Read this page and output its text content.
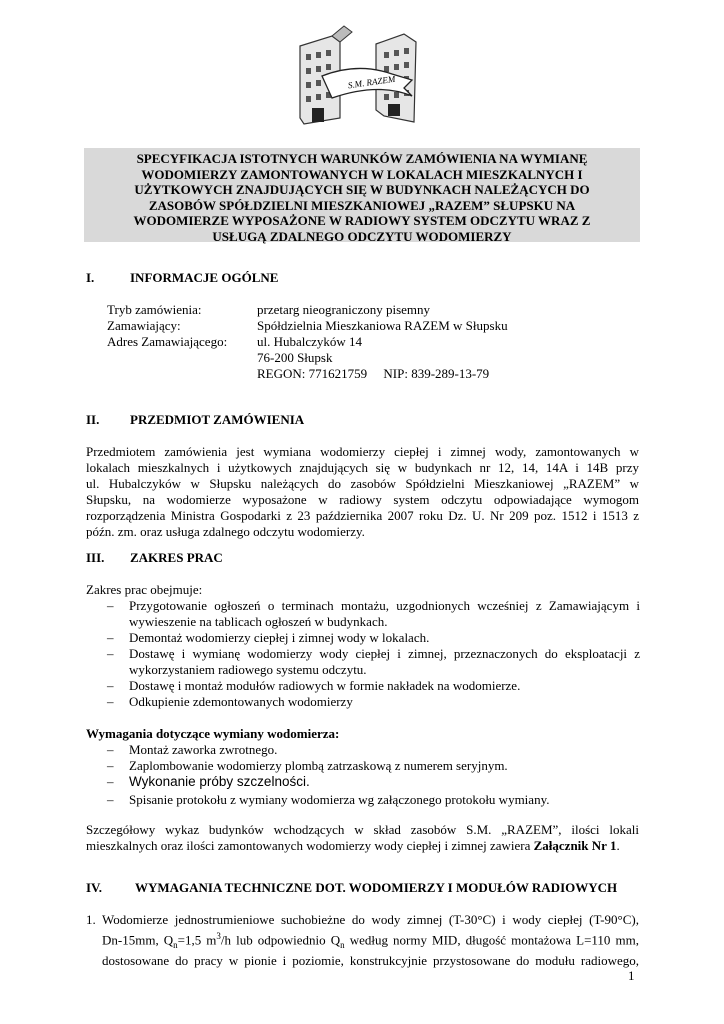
S.M. RAZEM
SPECYFIKACJA ISTOTNYCH WARUNKÓW ZAMÓWIENIA NA WYMIANĘ
WODOMIERZY ZAMONTOWANYCH W LOKALACH MIESZKALNYCH I
UŻYTKOWYCH ZNAJDUJĄCYCH SIĘ W BUDYNKACH NALEŻĄCYCH DO
ZASOBÓW SPÓŁDZIELNI MIESZKANIOWEJ „RAZEM” SŁUPSKU NA
WODOMIERZE WYPOSAŻONE W RADIOWY SYSTEM ODCZYTU WRAZ Z
USŁUGĄ ZDALNEGO ODCZYTU WODOMIERZY
I.	INFORMACJE OGÓLNE
Tryb zamówienia:	przetarg nieograniczony pisemny
Zamawiający:	Spółdzielnia Mieszkaniowa RAZEM w Słupsku
Adres Zamawiającego: ul. Hubalczyków 14
76-200 Słupsk
REGON: 771621759     NIP: 839-289-13-79
II. PRZEDMIOT ZAMÓWIENIA
Przedmiotem zamówienia jest wymiana wodomierzy ciepłej i zimnej wody, zamontowanych w
lokalach mieszkalnych i użytkowych znajdujących się w budynkach nr 12, 14, 14A i 14B przy
ul. Hubalczyków w Słupsku należących do zasobów Spółdzielni Mieszkaniowej „RAZEM” w
Słupsku, na wodomierze wyposażone w radiowy system odczytu odpowiadające wymogom
rozporządzenia Ministra Gospodarki z 23 października 2007 roku Dz. U. Nr 209 poz. 1512 i 1513 z
późn. zm. oraz usługa zdalnego odczytu wodomierzy.
III. ZAKRES PRAC
Zakres prac obejmuje:
– Przygotowanie ogłoszeń o terminach montażu, uzgodnionych wcześniej z Zamawiającym i
wywieszenie na tablicach ogłoszeń w budynkach.
– Demontaż wodomierzy ciepłej i zimnej wody w lokalach.
– Dostawę i wymianę wodomierzy wody ciepłej i zimnej, przeznaczonych do eksploatacji z
wykorzystaniem radiowego systemu odczytu.
– Dostawę i montaż modułów radiowych w formie nakładek na wodomierze.
– Odkupienie zdemontowanych wodomierzy
Wymagania dotyczące wymiany wodomierza:
– Montaż zaworka zwrotnego.
– Zaplombowanie wodomierzy plombą zatrzaskową z numerem seryjnym.
– Wykonanie próby szczelności.
– Spisanie protokołu z wymiany wodomierza wg załączonego protokołu wymiany.
Szczegółowy wykaz budynków wchodzących w skład zasobów S.M. „RAZEM”, ilości lokali
mieszkalnych oraz ilości zamontowanych wodomierzy wody ciepłej i zimnej zawiera Załącznik Nr 1.
IV.	WYMAGANIA TECHNICZNE DOT. WODOMIERZY I MODUŁÓW RADIOWYCH
1. Wodomierze jednostrumieniowe suchobieżne do wody zimnej (T-30°C) i wody ciepłej (T-90°C),
Dn-15mm, $Q_n=1,5$ $m^3/h$ lub odpowiednio $Q_n$ według normy MID, długość montażowa L=110 mm,
dostosowane do pracy w pionie i poziomie, konstrukcyjnie przystosowane do modułu radiowego,
1
